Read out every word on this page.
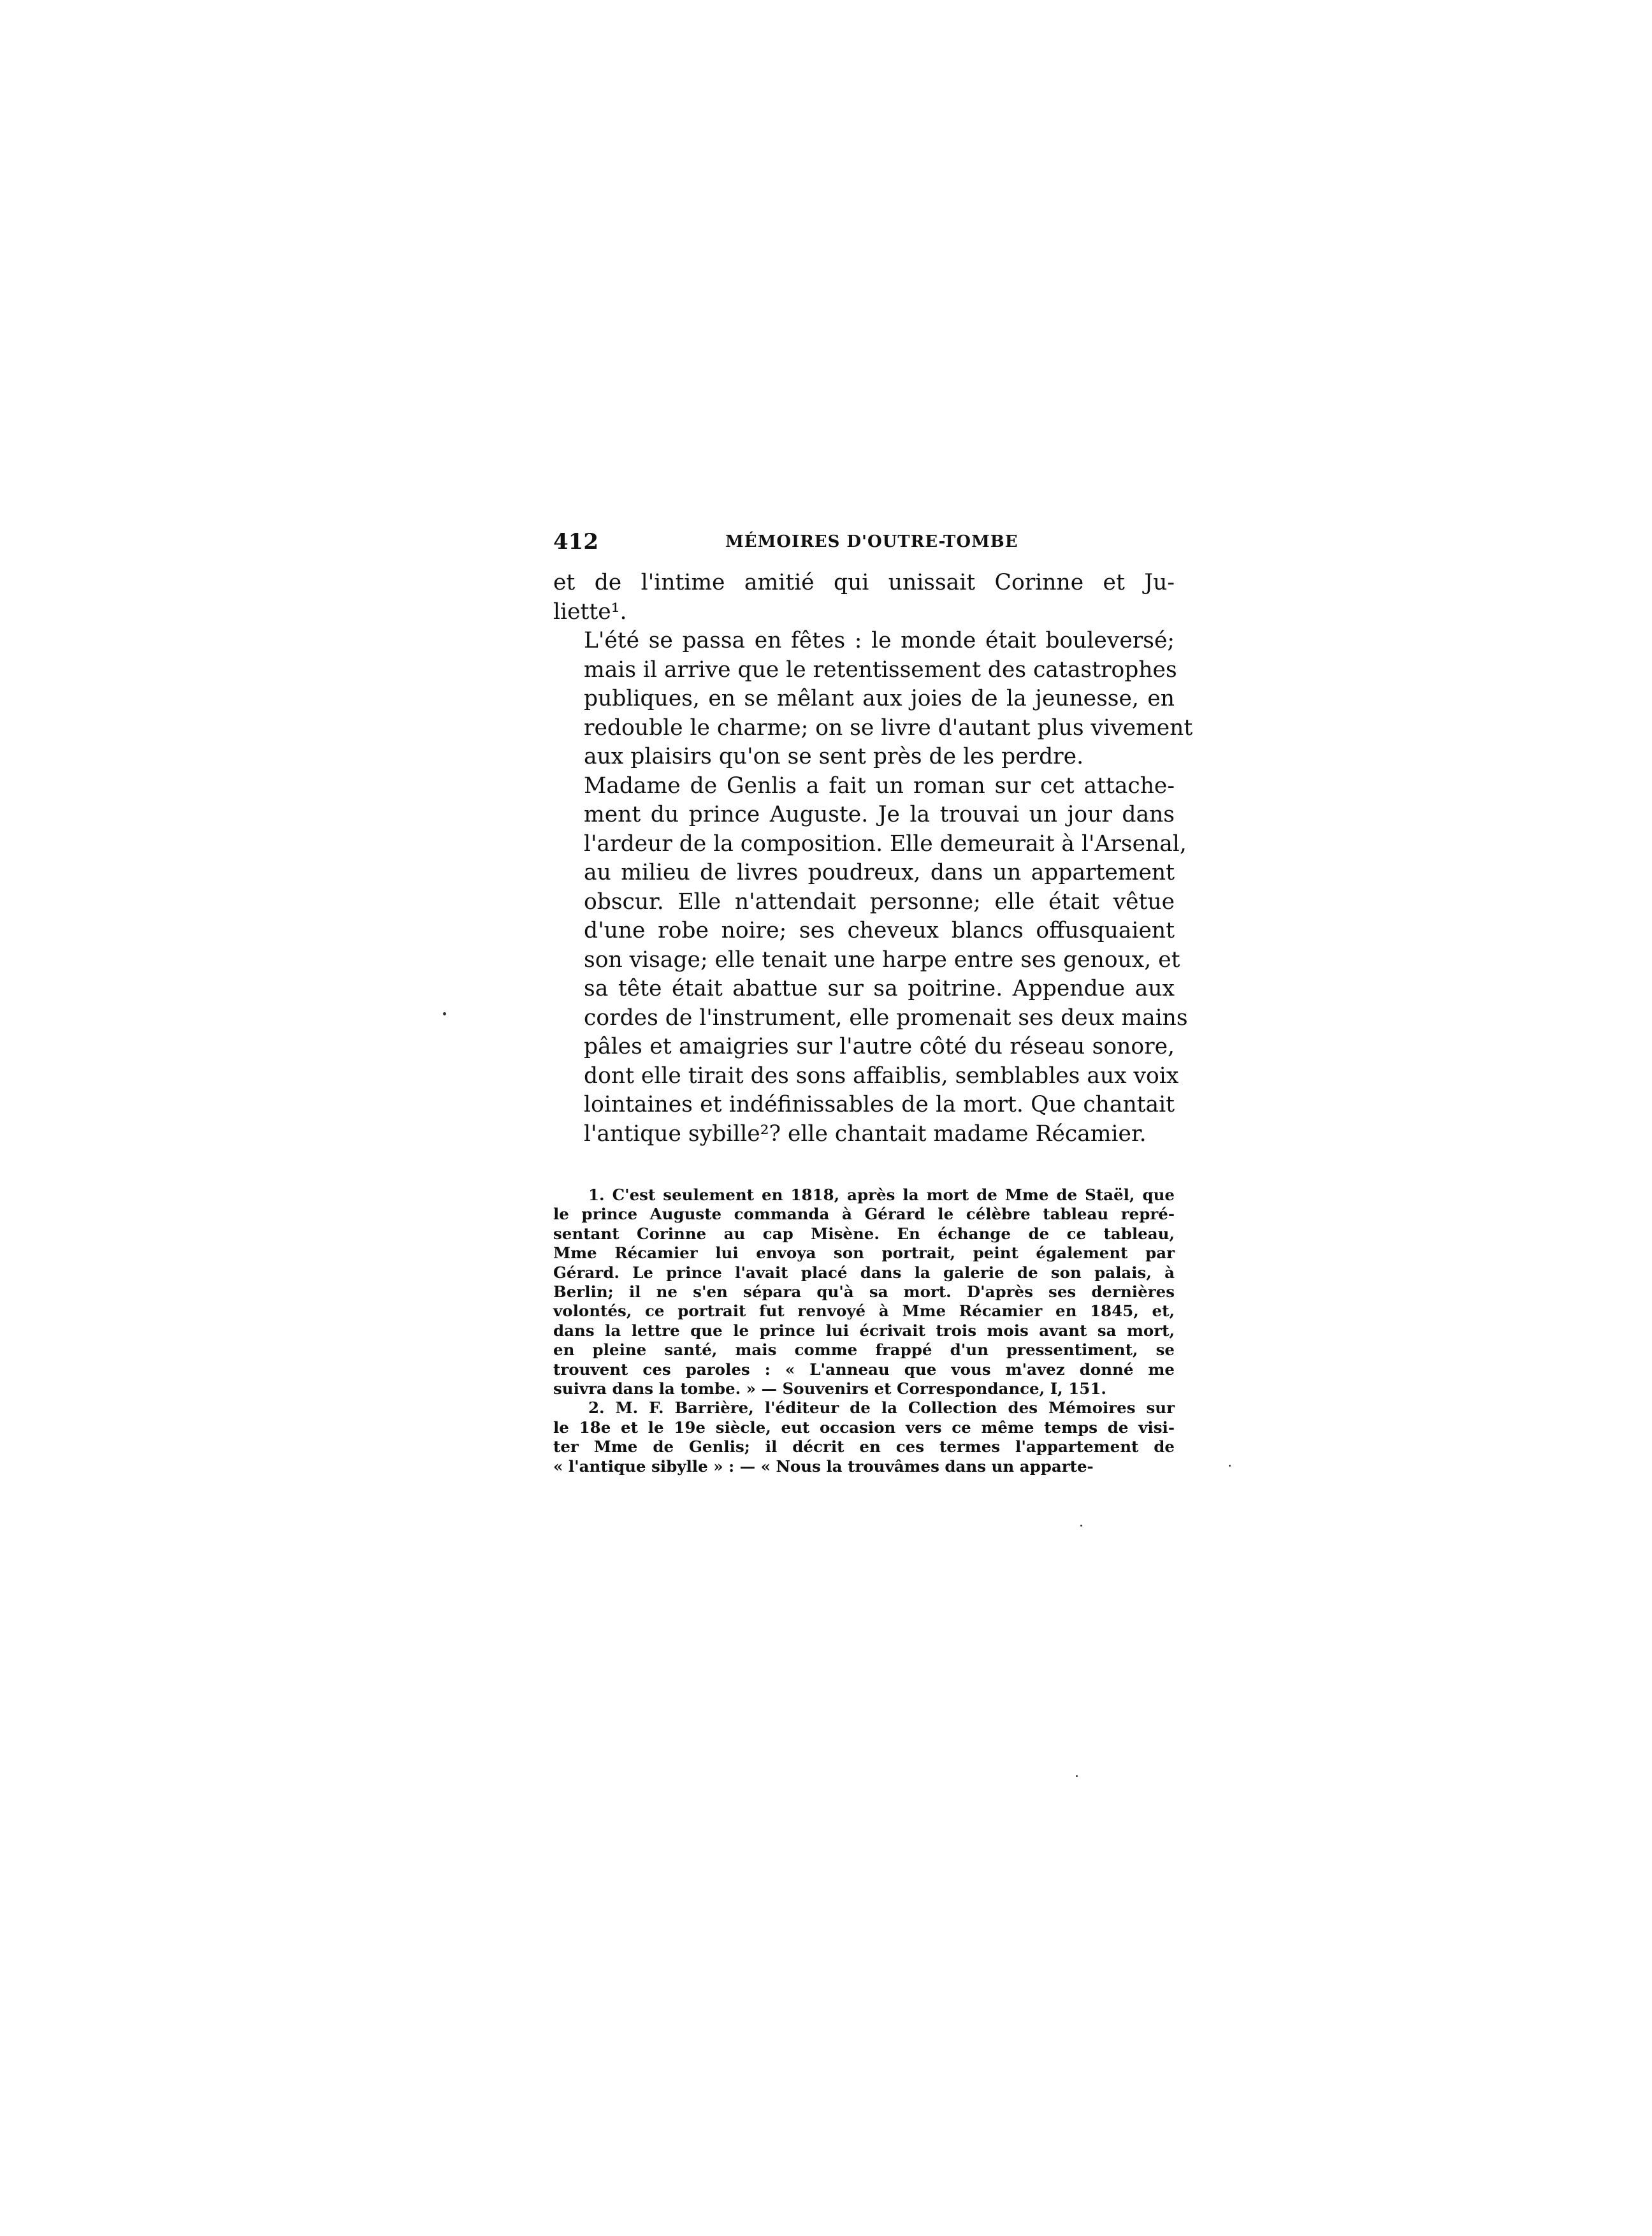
412	MÉMOIRES D'OUTRE-TOMBE

et de l'intime amitié qui unissait Corinne et Ju-
liette¹.

L'été se passa en fêtes : le monde était bouleversé;
mais il arrive que le retentissement des catastrophes
publiques, en se mêlant aux joies de la jeunesse, en
redouble le charme; on se livre d'autant plus vivement
aux plaisirs qu'on se sent près de les perdre.

Madame de Genlis a fait un roman sur cet attache-
ment du prince Auguste. Je la trouvai un jour dans
l'ardeur de la composition. Elle demeurait à l'Arsenal,
au milieu de livres poudreux, dans un appartement
obscur. Elle n'attendait personne; elle était vêtue
d'une robe noire; ses cheveux blancs offusquaient
son visage; elle tenait une harpe entre ses genoux, et
sa tête était abattue sur sa poitrine. Appendue aux
cordes de l'instrument, elle promenait ses deux mains
pâles et amaigries sur l'autre côté du réseau sonore,
dont elle tirait des sons affaiblis, semblables aux voix
lointaines et indéfinissables de la mort. Que chantait
l'antique sybille²? elle chantait madame Récamier.

1. C'est seulement en 1818, après la mort de Mme de Staël, que
le prince Auguste commanda à Gérard le célèbre tableau repré-
sentant Corinne au cap Misène. En échange de ce tableau,
Mme Récamier lui envoya son portrait, peint également par
Gérard. Le prince l'avait placé dans la galerie de son palais, à
Berlin; il ne s'en sépara qu'à sa mort. D'après ses dernières
volontés, ce portrait fut renvoyé à Mme Récamier en 1845, et,
dans la lettre que le prince lui écrivait trois mois avant sa mort,
en pleine santé, mais comme frappé d'un pressentiment, se
trouvent ces paroles : « L'anneau que vous m'avez donné me
suivra dans la tombe. » — Souvenirs et Correspondance, I, 151.
2. M. F. Barrière, l'éditeur de la Collection des Mémoires sur
le 18e et le 19e siècle, eut occasion vers ce même temps de visi-
ter Mme de Genlis; il décrit en ces termes l'appartement de
« l'antique sibylle » : — « Nous la trouvâmes dans un apparte-
